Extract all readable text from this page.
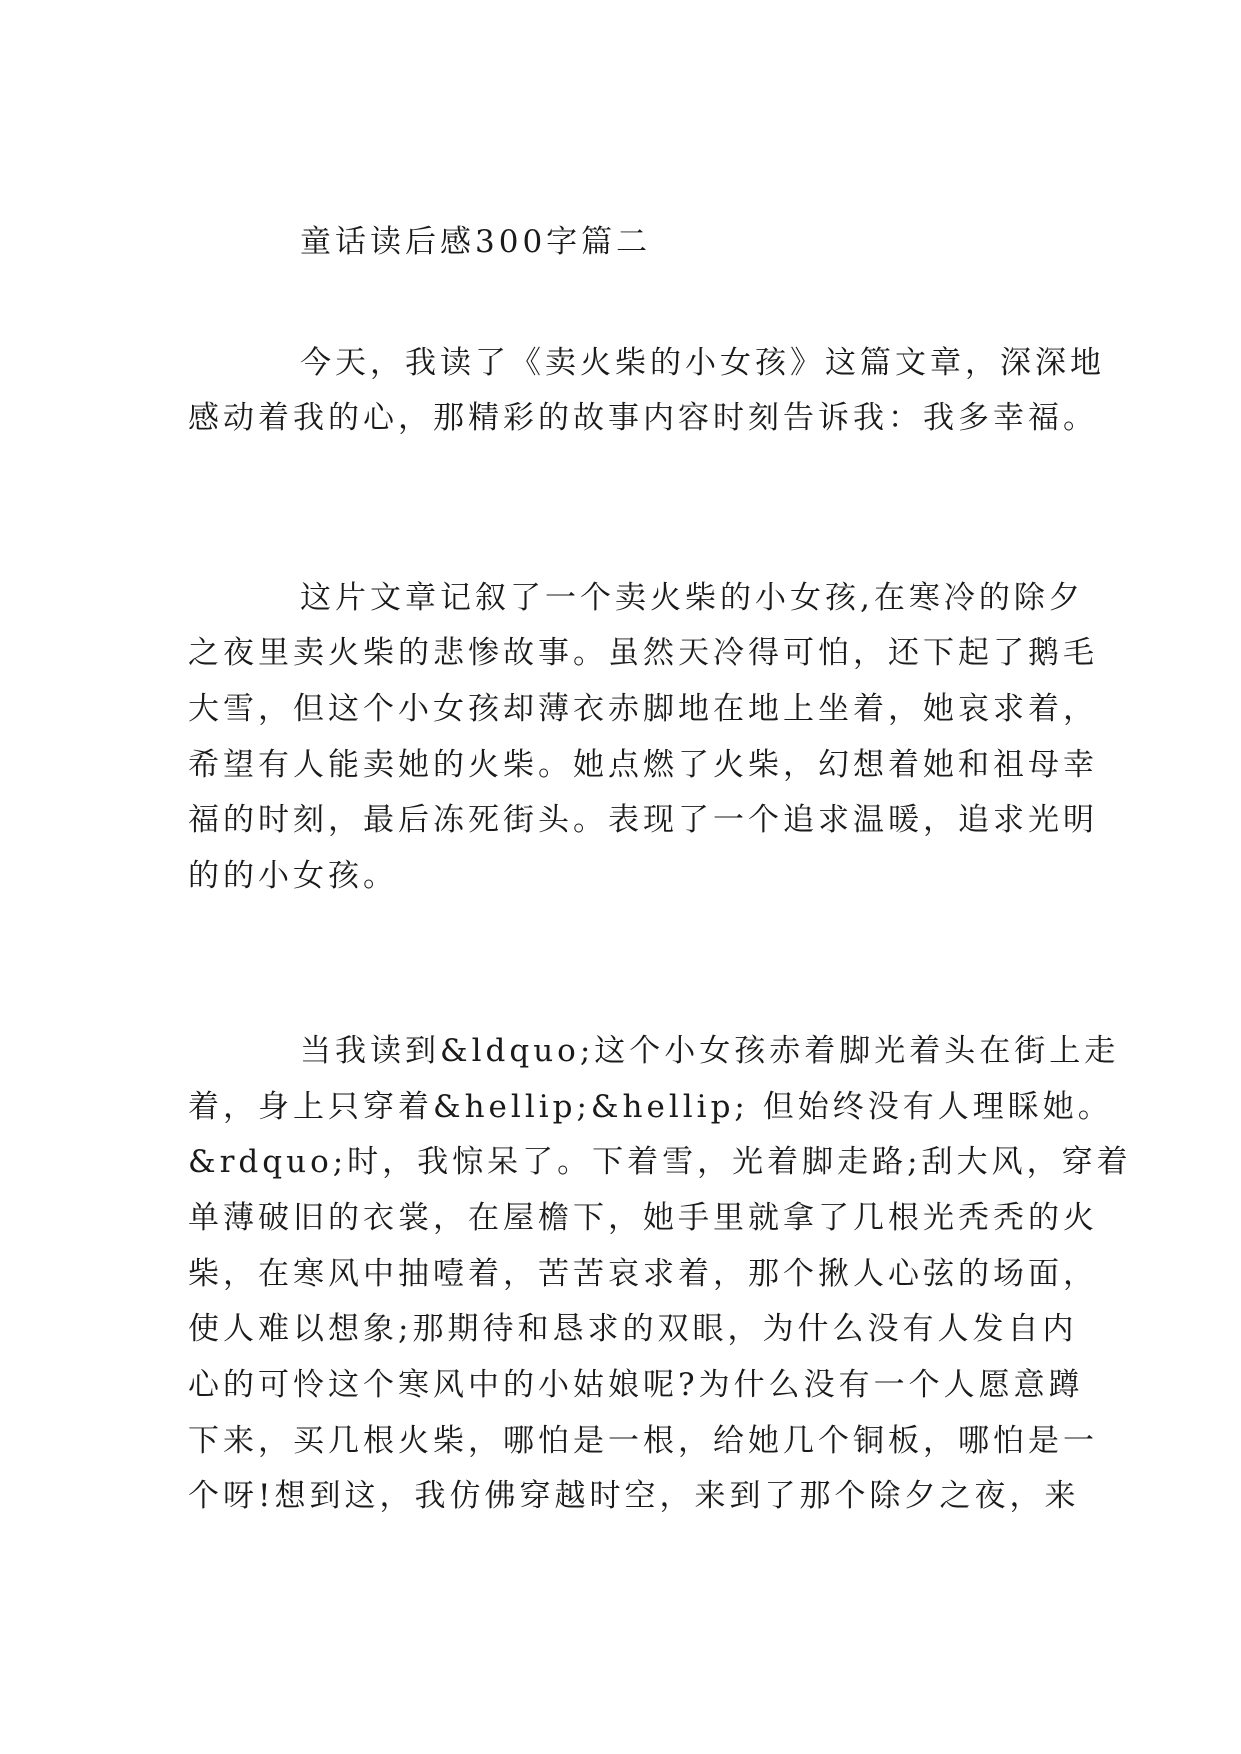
童话读后感300字篇二
今天，我读了《卖火柴的小女孩》这篇文章，深深地
感动着我的心，那精彩的故事内容时刻告诉我：我多幸福。
这片文章记叙了一个卖火柴的小女孩,在寒冷的除夕
之夜里卖火柴的悲惨故事。虽然天冷得可怕，还下起了鹅毛
大雪，但这个小女孩却薄衣赤脚地在地上坐着，她哀求着，
希望有人能卖她的火柴。她点燃了火柴，幻想着她和祖母幸
福的时刻，最后冻死街头。表现了一个追求温暖，追求光明
的的小女孩。
当我读到&ldquo;这个小女孩赤着脚光着头在街上走
着，身上只穿着&hellip;&hellip; 但始终没有人理睬她。
&rdquo;时，我惊呆了。下着雪，光着脚走路;刮大风，穿着
单薄破旧的衣裳，在屋檐下，她手里就拿了几根光秃秃的火
柴，在寒风中抽噎着，苦苦哀求着，那个揪人心弦的场面，
使人难以想象;那期待和恳求的双眼，为什么没有人发自内
心的可怜这个寒风中的小姑娘呢?为什么没有一个人愿意蹲
下来，买几根火柴，哪怕是一根，给她几个铜板，哪怕是一
个呀!想到这，我仿佛穿越时空，来到了那个除夕之夜，来
